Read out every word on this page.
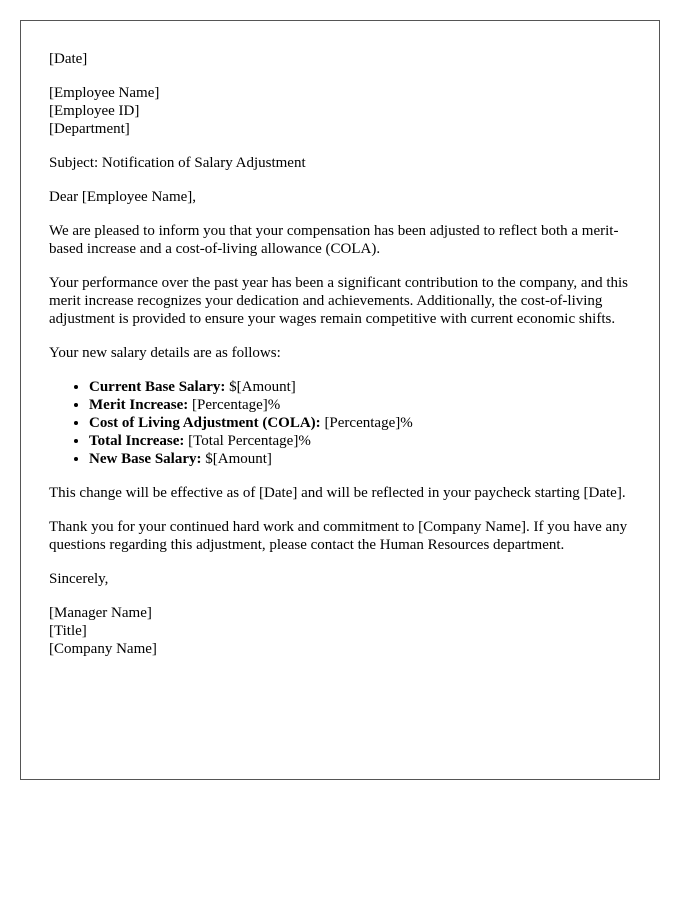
[Date]
[Employee Name]
[Employee ID]
[Department]

Subject: Notification of Salary Adjustment

Dear [Employee Name],

We are pleased to inform you that your compensation has been adjusted to reflect both a merit-based increase and a cost-of-living allowance (COLA).

Your performance over the past year has been a significant contribution to the company, and this merit increase recognizes your dedication and achievements. Additionally, the cost-of-living adjustment is provided to ensure your wages remain competitive with current economic shifts.

Your new salary details are as follows:

• Current Base Salary: $[Amount]
• Merit Increase: [Percentage]%
• Cost of Living Adjustment (COLA): [Percentage]%
• Total Increase: [Total Percentage]%
• New Base Salary: $[Amount]

This change will be effective as of [Date] and will be reflected in your paycheck starting [Date].

Thank you for your continued hard work and commitment to [Company Name]. If you have any questions regarding this adjustment, please contact the Human Resources department.

Sincerely,

[Manager Name]
[Title]
[Company Name]
